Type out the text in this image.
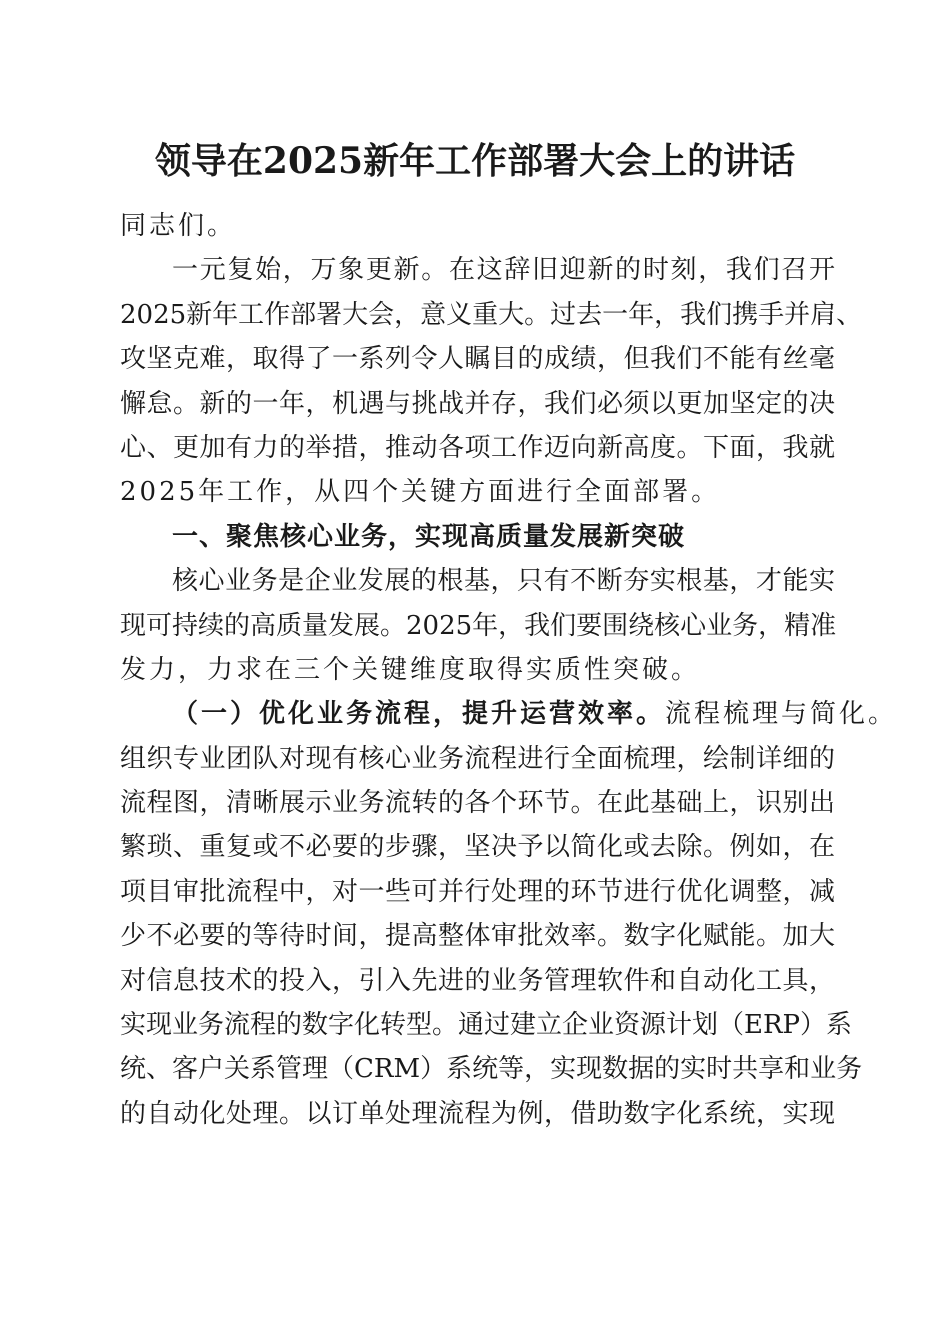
领导在2025新年工作部署大会上的讲话
同志们。
一元复始，万象更新。在这辞旧迎新的时刻，我们召开
2025新年工作部署大会，意义重大。过去一年，我们携手并肩、
攻坚克难，取得了一系列令人瞩目的成绩，但我们不能有丝毫
懈怠。新的一年，机遇与挑战并存，我们必须以更加坚定的决
心、更加有力的举措，推动各项工作迈向新高度。下面，我就
2025年工作，从四个关键方面进行全面部署。
一、聚焦核心业务，实现高质量发展新突破
核心业务是企业发展的根基，只有不断夯实根基，才能实
现可持续的高质量发展。2025年，我们要围绕核心业务，精准
发力，力求在三个关键维度取得实质性突破。
（一）优化业务流程，提升运营效率。流程梳理与简化。
组织专业团队对现有核心业务流程进行全面梳理，绘制详细的
流程图，清晰展示业务流转的各个环节。在此基础上，识别出
繁琐、重复或不必要的步骤，坚决予以简化或去除。例如，在
项目审批流程中，对一些可并行处理的环节进行优化调整，减
少不必要的等待时间，提高整体审批效率。数字化赋能。加大
对信息技术的投入，引入先进的业务管理软件和自动化工具，
实现业务流程的数字化转型。通过建立企业资源计划（ERP）系
统、客户关系管理（CRM）系统等，实现数据的实时共享和业务
的自动化处理。以订单处理流程为例，借助数字化系统，实现
